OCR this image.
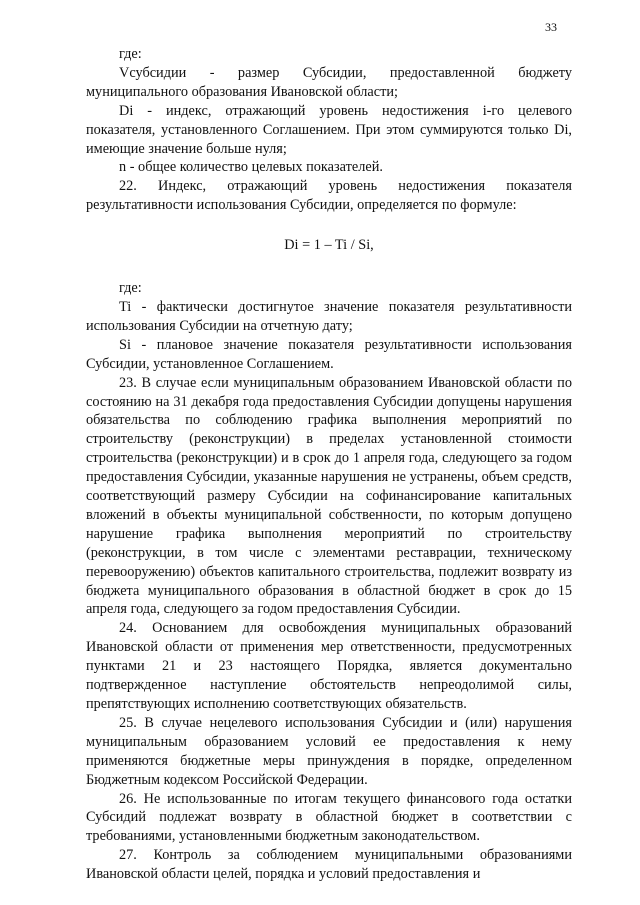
33

где:

Vсубсидии - размер Субсидии, предоставленной бюджету муниципального образования Ивановской области;

Di - индекс, отражающий уровень недостижения i-го целевого показателя, установленного Соглашением. При этом суммируются только Di, имеющие значение больше нуля;

n - общее количество целевых показателей.

22. Индекс, отражающий уровень недостижения показателя результативности использования Субсидии, определяется по формуле:

Di = 1 – Ti / Si,

где:

Ti - фактически достигнутое значение показателя результативности использования Субсидии на отчетную дату;

Si - плановое значение показателя результативности использования Субсидии, установленное Соглашением.

23. В случае если муниципальным образованием Ивановской области по состоянию на 31 декабря года предоставления Субсидии допущены нарушения обязательства по соблюдению графика выполнения мероприятий по строительству (реконструкции) в пределах установленной стоимости строительства (реконструкции) и в срок до 1 апреля года, следующего за годом предоставления Субсидии, указанные нарушения не устранены, объем средств, соответствующий размеру Субсидии на софинансирование капитальных вложений в объекты муниципальной собственности, по которым допущено нарушение графика выполнения мероприятий по строительству (реконструкции, в том числе с элементами реставрации, техническому перевооружению) объектов капитального строительства, подлежит возврату из бюджета муниципального образования в областной бюджет в срок до 15 апреля года, следующего за годом предоставления Субсидии.

24. Основанием для освобождения муниципальных образований Ивановской области от применения мер ответственности, предусмотренных пунктами 21 и 23 настоящего Порядка, является документально подтвержденное наступление обстоятельств непреодолимой силы, препятствующих исполнению соответствующих обязательств.

25. В случае нецелевого использования Субсидии и (или) нарушения муниципальным образованием условий ее предоставления к нему применяются бюджетные меры принуждения в порядке, определенном Бюджетным кодексом Российской Федерации.

26. Не использованные по итогам текущего финансового года остатки Субсидий подлежат возврату в областной бюджет в соответствии с требованиями, установленными бюджетным законодательством.

27. Контроль за соблюдением муниципальными образованиями Ивановской области целей, порядка и условий предоставления и
